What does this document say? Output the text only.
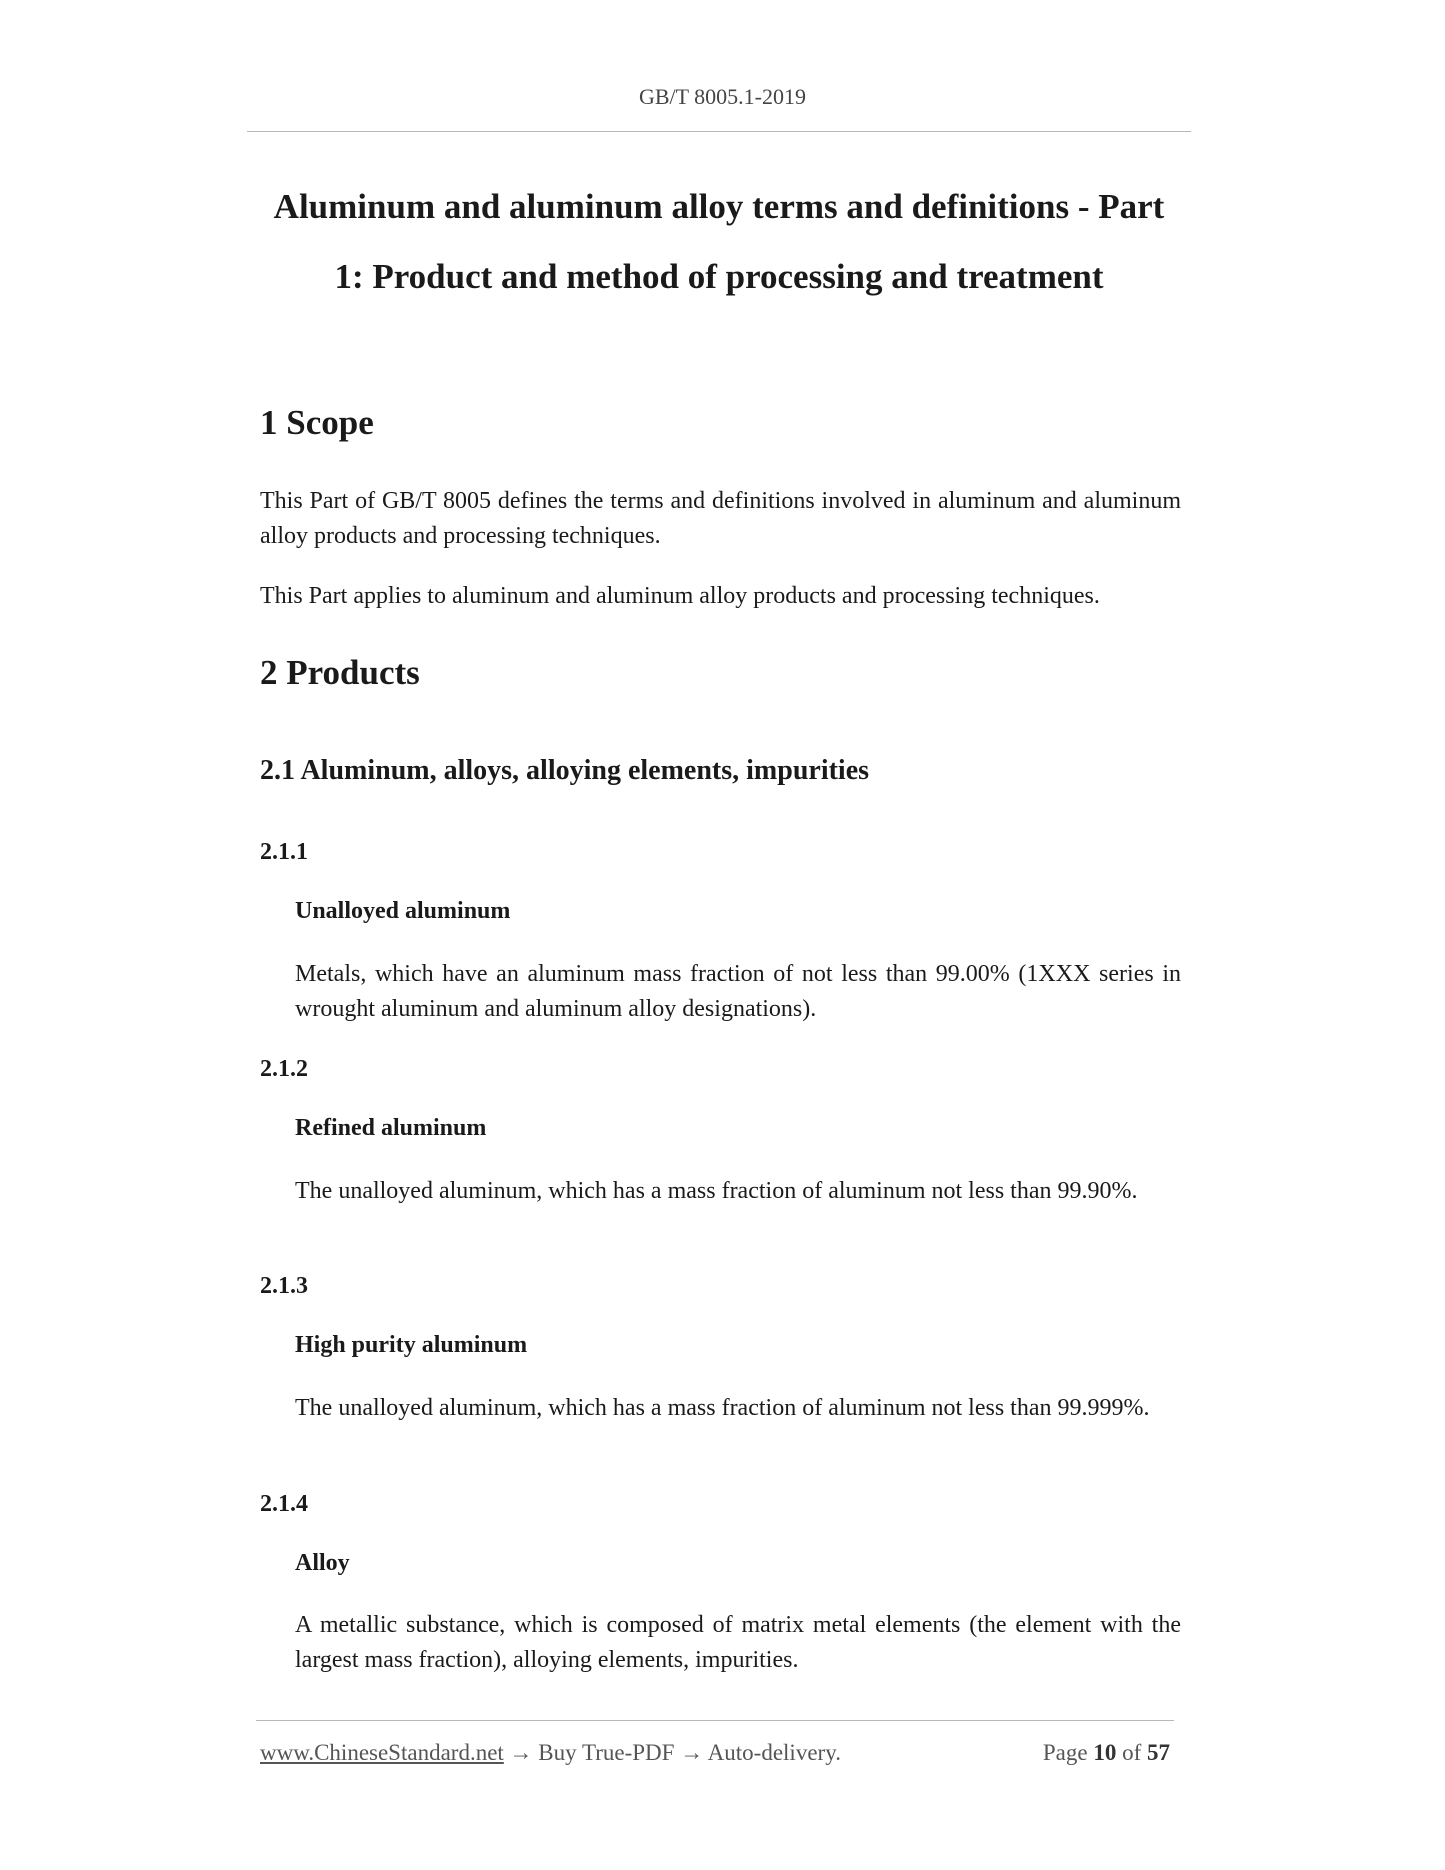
GB/T 8005.1-2019
Aluminum and aluminum alloy terms and definitions - Part
1: Product and method of processing and treatment
1 Scope

This Part of GB/T 8005 defines the terms and definitions involved in aluminum and aluminum alloy products and processing techniques.

This Part applies to aluminum and aluminum alloy products and processing techniques.

2 Products
2.1 Aluminum, alloys, alloying elements, impurities
2.1.1
Unalloyed aluminum

Metals, which have an aluminum mass fraction of not less than 99.00% (1XXX series in wrought aluminum and aluminum alloy designations).

2.1.2
Refined aluminum

The unalloyed aluminum, which has a mass fraction of aluminum not less than 99.90%.

2.1.3
High purity aluminum

The unalloyed aluminum, which has a mass fraction of aluminum not less than 99.999%.

2.1.4
Alloy

A metallic substance, which is composed of matrix metal elements (the element with the largest mass fraction), alloying elements, impurities.

www.ChineseStandard.net → Buy True-PDF → Auto-delivery.	Page 10 of 57
